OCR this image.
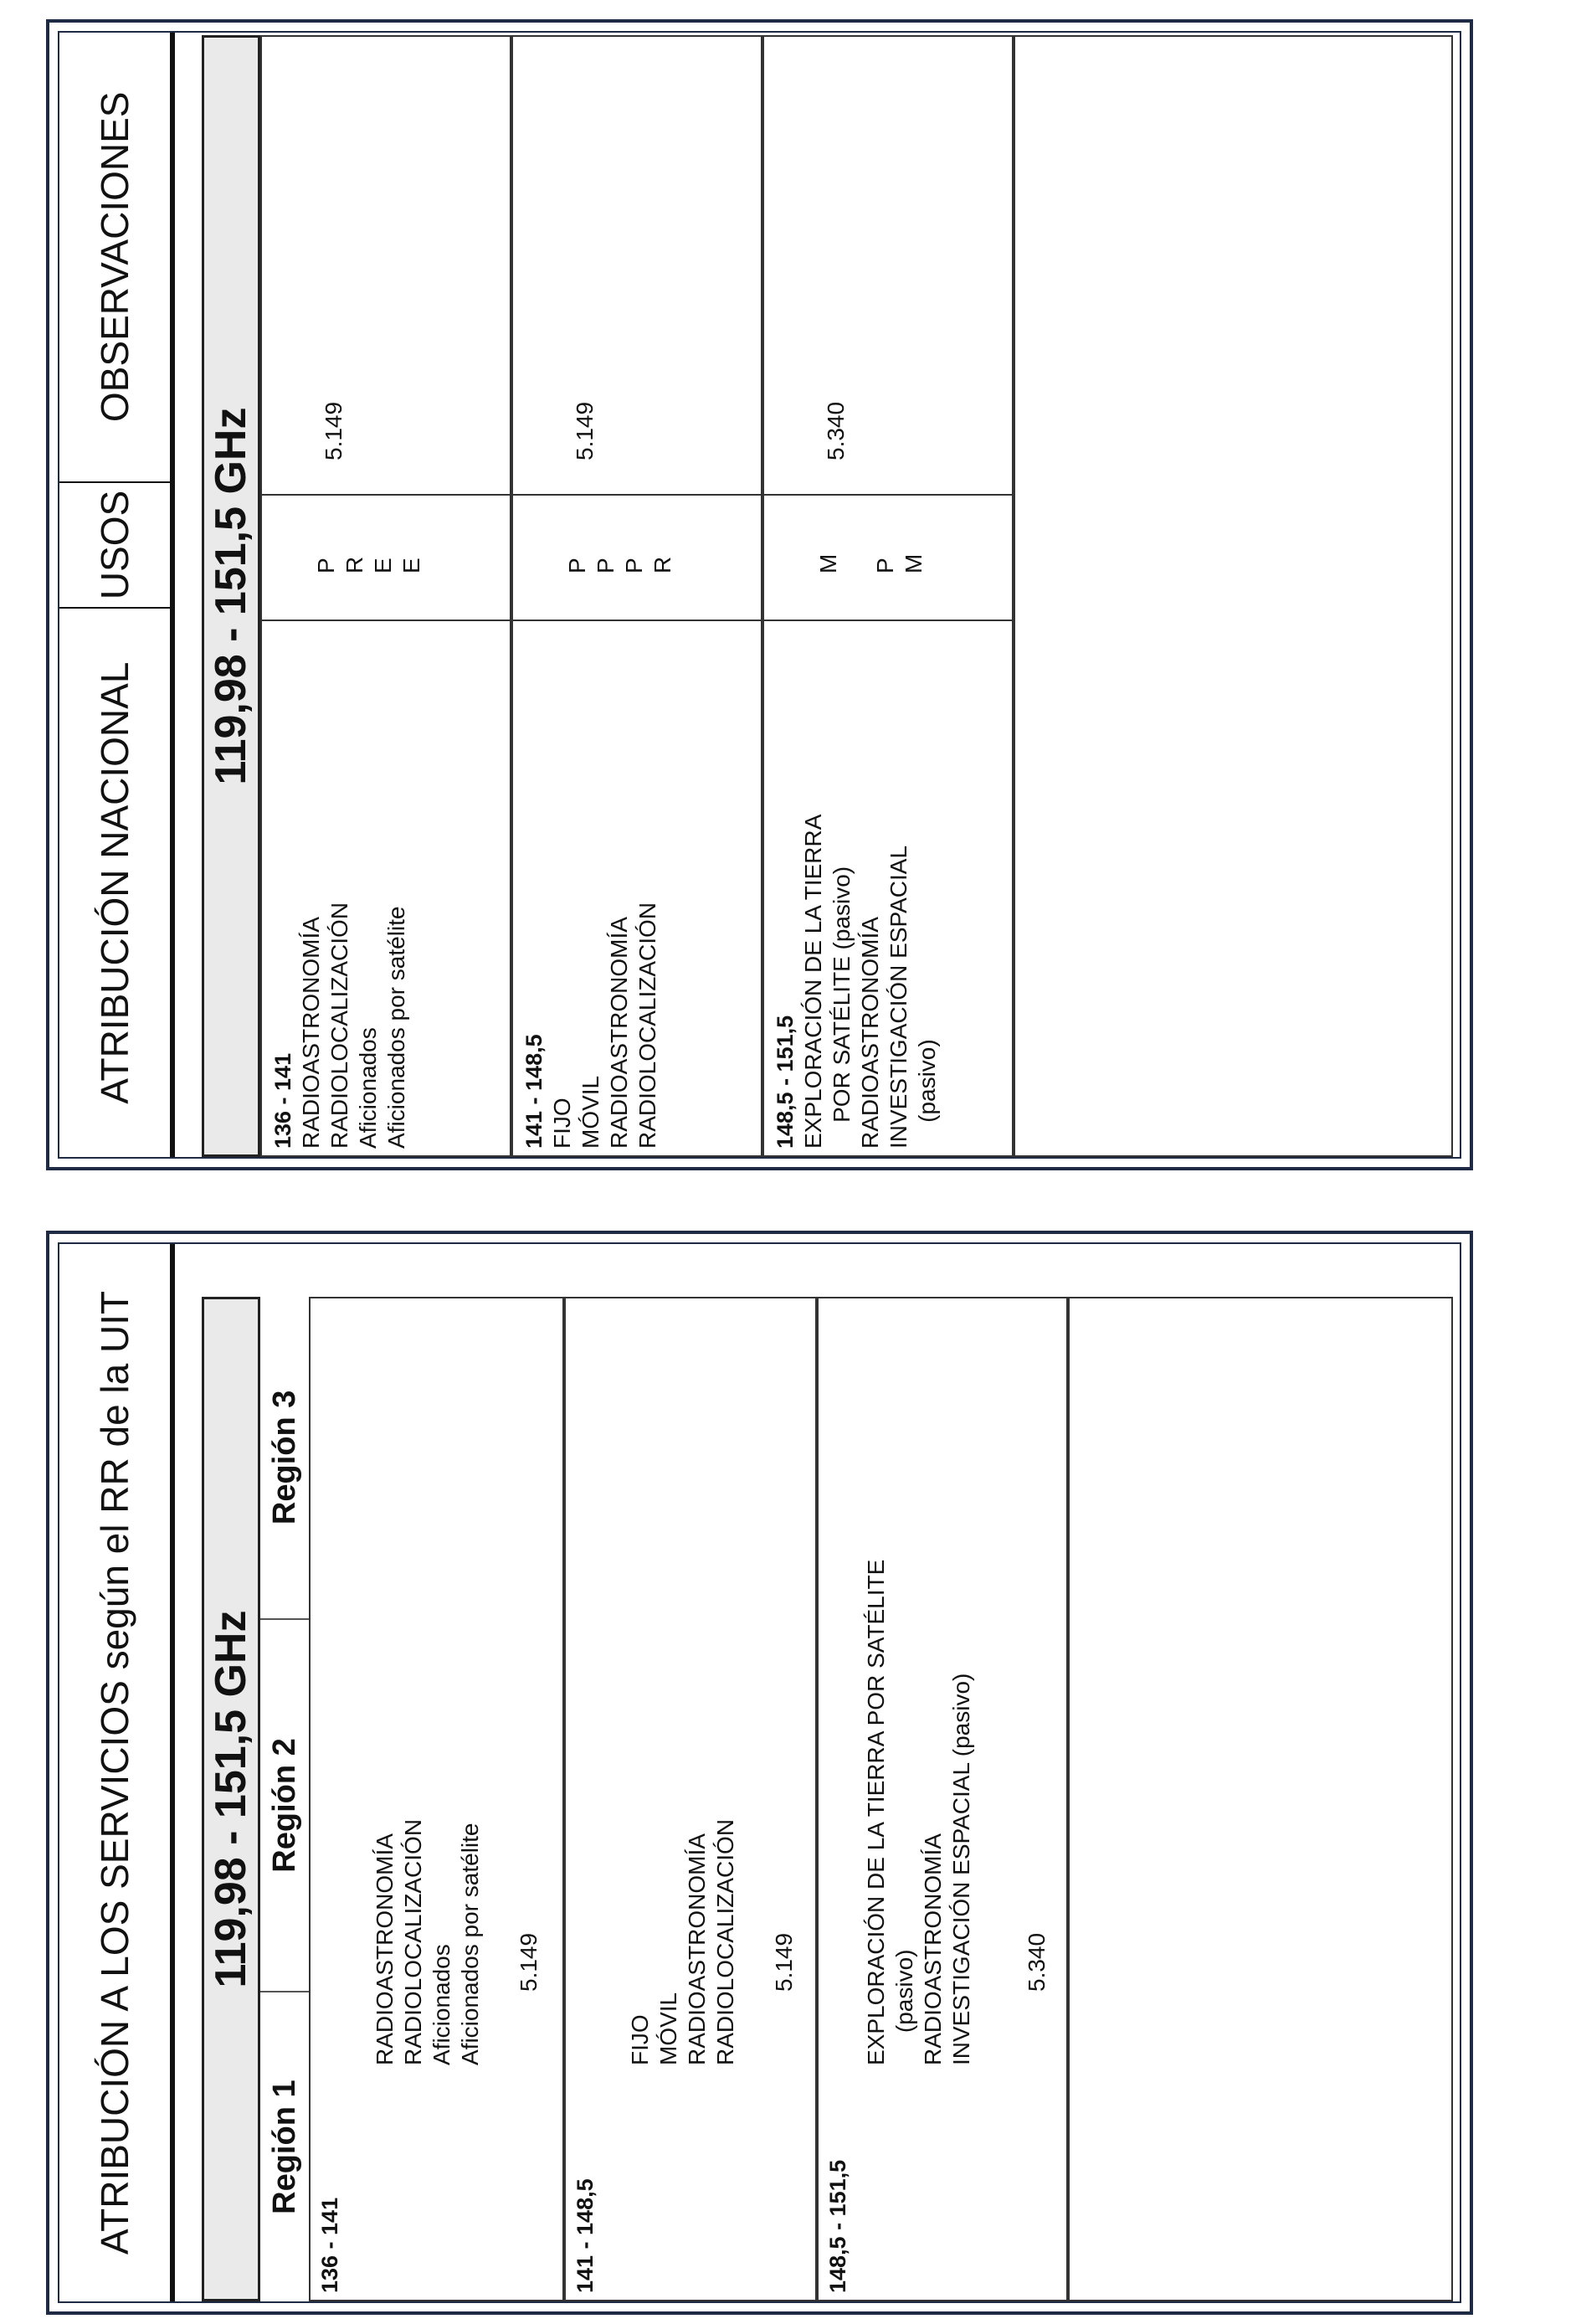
ATRIBUCIÓN A LOS SERVICIOS según el RR de la UIT	119,98 - 151,5 GHz
Región 1
Región 2
Región 3
136 - 141
RADIOASTRONOMÍA
RADIOLOCALIZACIÓN
Aficionados
Aficionados por satélite
5.149
141 - 148,5
FIJO
MÓVIL
RADIOASTRONOMÍA
RADIOLOCALIZACIÓN 5.149
148,5 - 151,5
EXPLORACIÓN DE LA TIERRA POR SATÉLITE
(pasivo)
RADIOASTRONOMÍA
INVESTIGACIÓN ESPACIAL (pasivo)
5.340
ATRIBUCIÓN NACIONAL
USOS
OBSERVACIONES
119,98 - 151,5 GHz
136 - 141 RADIOASTRONOMÍA
RADIOLOCALIZACIÓN
Aficionados
Aficionados por satélite
P
R
E
E
5.149
141 - 148,5 FIJO
MÓVIL
RADIOASTRONOMÍA
RADIOLOCALIZACIÓN
P
P
P
R
5.149
148,5 - 151,5 EXPLORACIÓN DE LA TIERRA
POR SATÉLITE (pasivo)
RADIOASTRONOMÍA
INVESTIGACIÓN ESPACIAL
(pasivo)
M

P
M
5.340
